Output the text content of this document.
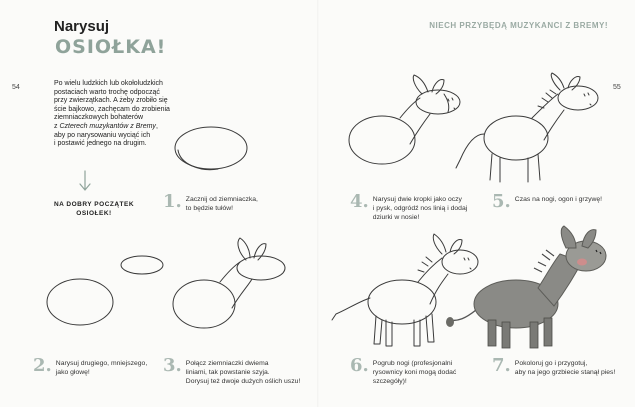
Narysuj
OSIOŁKA!
54
Po wielu ludzkich lub okołoludzkich
postaciach warto trochę odpocząć
przy zwierzątkach. A żeby zrobiło się
ście bajkowo, zachęcam do zrobienia
ziemniaczkowych bohaterów
z Czterech muzykantów z Bremy,
aby po narysowaniu wyciąć ich
i postawić jednego na drugim.
NA DOBRY POCZĄTEK
OSIOŁEK!
1. Zacznij od ziemniaczka,
to będzie tułów!
2. Narysuj drugiego, mniejszego,
jako głowę!	3. Połącz ziemniaczki dwiema
liniami, tak powstanie szyja.
Dorysuj też dwoje dużych oślich uszu!
NIECH PRZYBĘDĄ MUZYKANCI Z BREMY!
55
4. Narysuj dwie kropki jako oczy
i pysk, odgródź nos linią i dodaj
dziurki w nosie!
5. Czas na nogi, ogon i grzywę!
6. Pogrub nogi (profesjonalni
rysownicy koni mogą dodać
szczegóły)!
7. Pokoloruj go i przygotuj,
aby na jego grzbiecie stanął pies!
